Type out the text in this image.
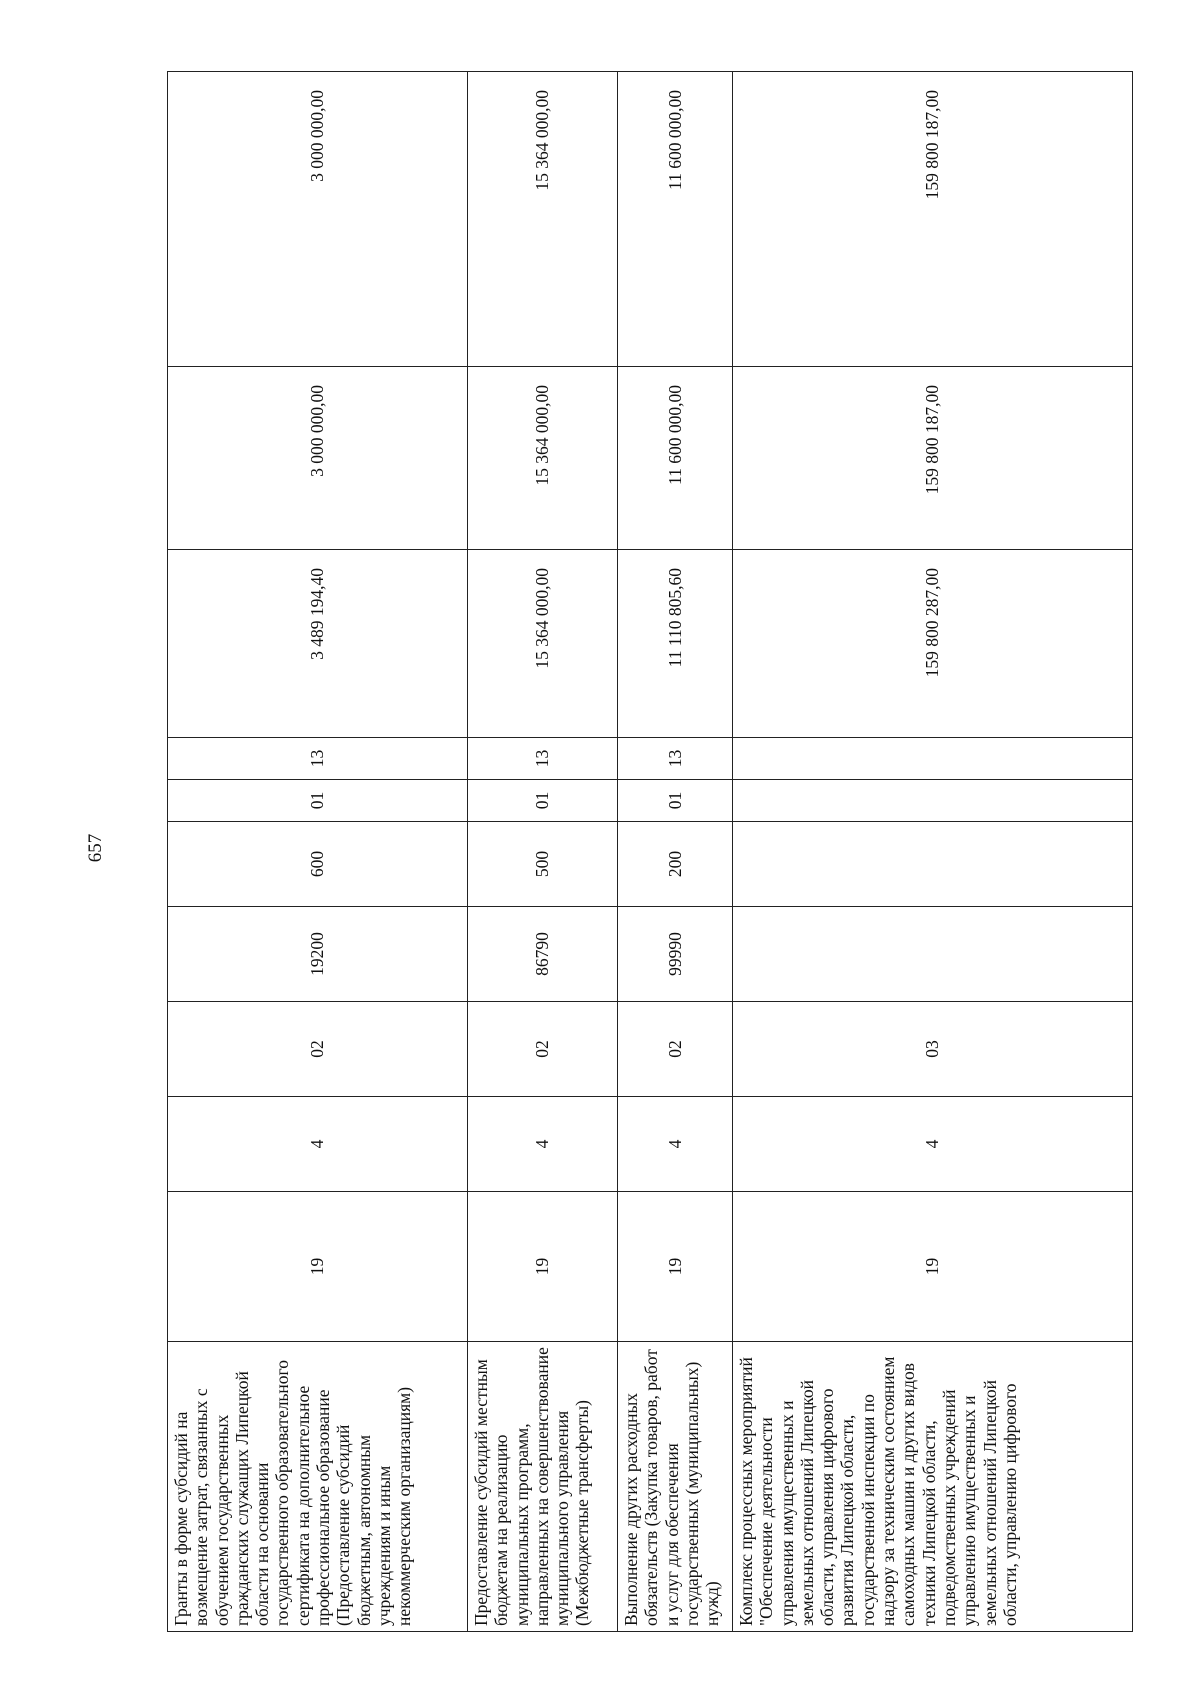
657
Гранты в форме субсидий на возмещение затрат, связанных с обучением государственных гражданских служащих Липецкой области на основании государственного образовательного сертификата на дополнительное профессиональное образование (Предоставление субсидий бюджетным, автономным учреждениям и иным некоммерческим организациям)	19	4	02	19200	600	01	13	3 489 194,40	3 000 000,00	3 000 000,00
Предоставление субсидий местным бюджетам на реализацию муниципальных программ, направленных на совершенствование муниципального управления (Межбюджетные трансферты)	19	4	02	86790	500	01	13	15 364 000,00	15 364 000,00	15 364 000,00
Выполнение других расходных обязательств (Закупка товаров, работ и услуг для обеспечения государственных (муниципальных) нужд)	19	4	02	99990	200	01	13	11 110 805,60	11 600 000,00	11 600 000,00
Комплекс процессных мероприятий "Обеспечение деятельности управления имущественных и земельных отношений Липецкой области, управления цифрового развития Липецкой области, государственной инспекции по надзору за техническим состоянием самоходных машин и других видов техники Липецкой области, подведомственных учреждений управлению имущественных и земельных отношений Липецкой области, управлению цифрового	19	4	03					159 800 287,00	159 800 187,00	159 800 187,00
